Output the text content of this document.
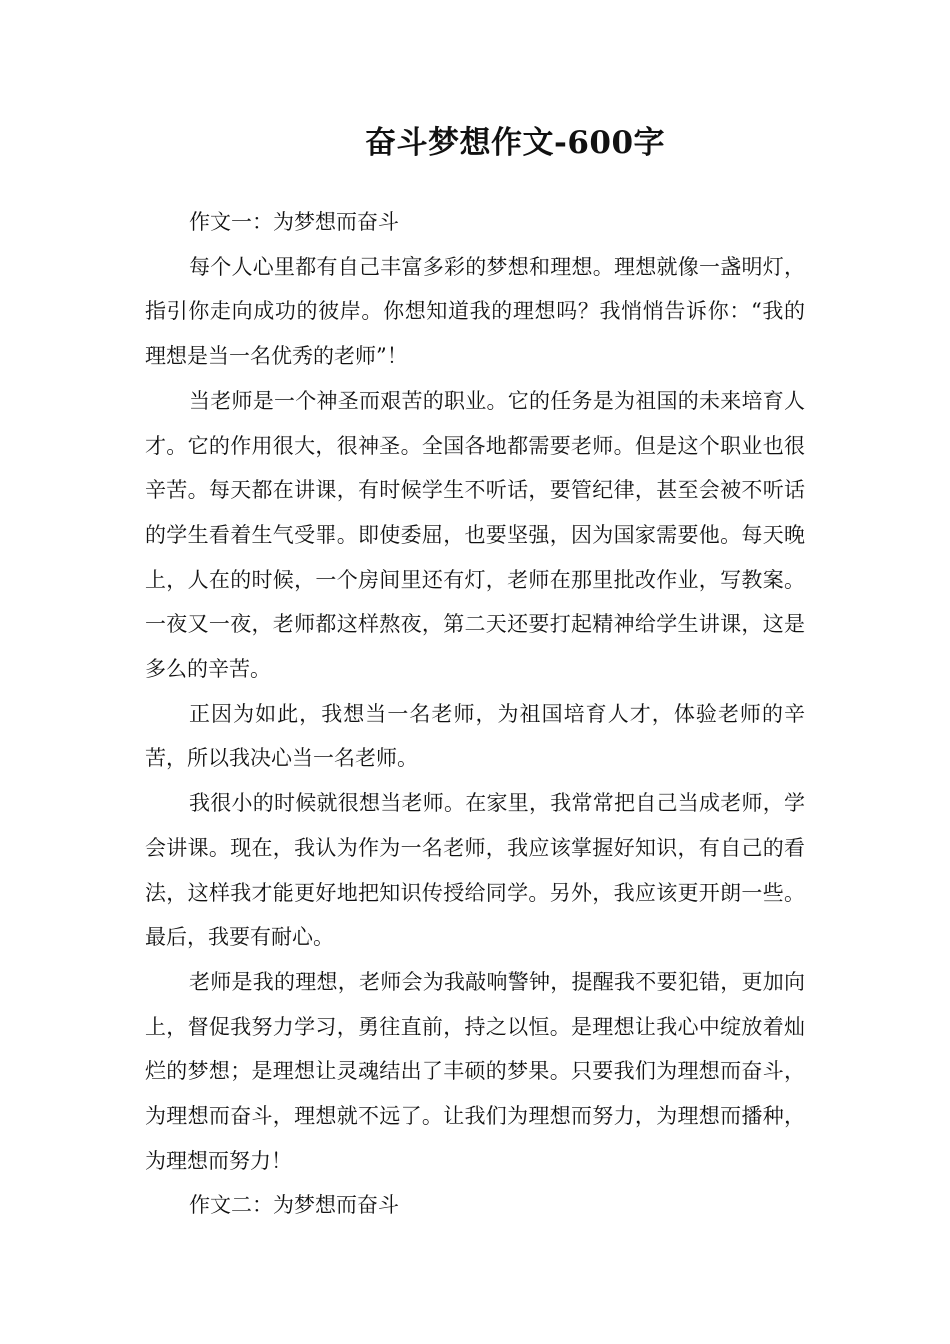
奋斗梦想作文-600字

作文一：为梦想而奋斗

每个人心里都有自己丰富多彩的梦想和理想。理想就像一盏明灯，指引你走向成功的彼岸。你想知道我的理想吗？我悄悄告诉你：“我的理想是当一名优秀的老师”！

当老师是一个神圣而艰苦的职业。它的任务是为祖国的未来培育人才。它的作用很大，很神圣。全国各地都需要老师。但是这个职业也很辛苦。每天都在讲课，有时候学生不听话，要管纪律，甚至会被不听话的学生看着生气受罪。即使委屈，也要坚强，因为国家需要他。每天晚上，人在的时候，一个房间里还有灯，老师在那里批改作业，写教案。一夜又一夜，老师都这样熬夜，第二天还要打起精神给学生讲课，这是多么的辛苦。

正因为如此，我想当一名老师，为祖国培育人才，体验老师的辛苦，所以我决心当一名老师。

我很小的时候就很想当老师。在家里，我常常把自己当成老师，学会讲课。现在，我认为作为一名老师，我应该掌握好知识，有自己的看法，这样我才能更好地把知识传授给同学。另外，我应该更开朗一些。最后，我要有耐心。

老师是我的理想，老师会为我敲响警钟，提醒我不要犯错，更加向上，督促我努力学习，勇往直前，持之以恒。是理想让我心中绽放着灿烂的梦想；是理想让灵魂结出了丰硕的梦果。只要我们为理想而奋斗，为理想而奋斗，理想就不远了。让我们为理想而努力，为理想而播种，为理想而努力！

作文二：为梦想而奋斗
